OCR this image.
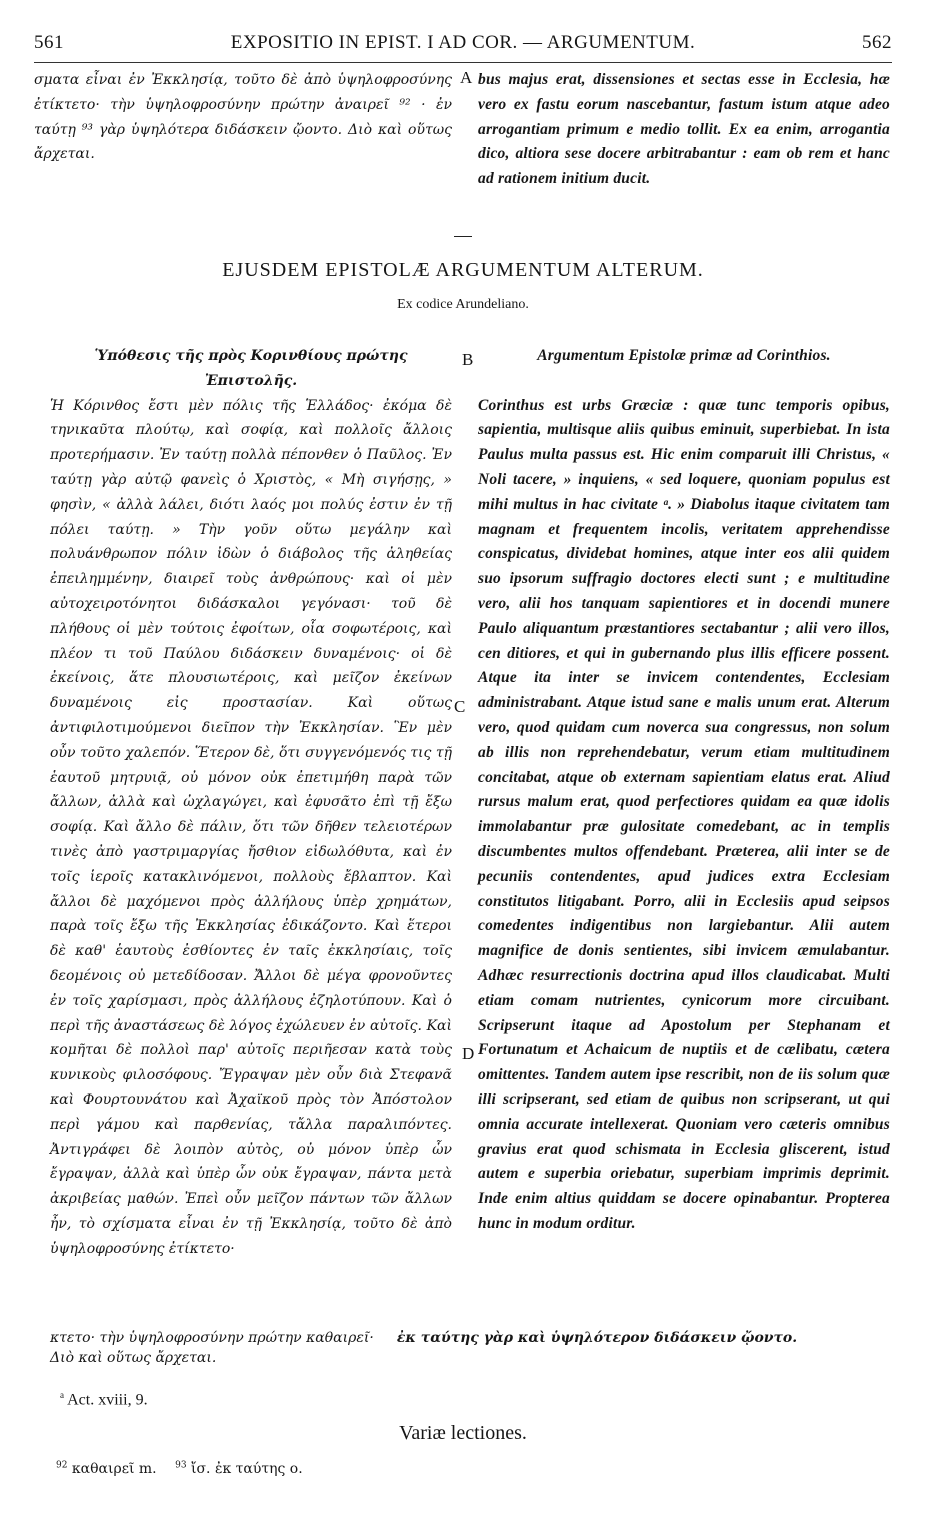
561	EXPOSITIO IN EPIST. I AD COR. — ARGUMENTUM.	562

σματα εἶναι ἐν Ἐκκλησίᾳ, τοῦτο δὲ ἀπὸ ὑψηλοφροσύνης ἐτίκτετο· τὴν ὑψηλοφροσύνην πρώτην ἀναιρεῖ ⁹² · ἐν ταύτῃ ⁹³ γὰρ ὑψηλότερα διδάσκειν ᾤοντο. Διὸ καὶ οὕτως ἄρχεται.

A bus majus erat, dissensiones et sectas esse in Ecclesia, hæ vero ex fastu eorum nascebantur, fastum istum atque adeo arrogantiam primum e medio tollit. Ex ea enim, arrogantia dico, altiora sese docere arbitrabantur : eam ob rem et hanc ad rationem initium ducit.

EJUSDEM EPISTOLÆ ARGUMENTUM ALTERUM.
Ex codice Arundeliano.
B
C
D

Ὑπόθεσις τῆς πρὸς Κορινθίους πρώτης Ἐπιστολῆς.

Ἡ Κόρινθος ἔστι μὲν πόλις τῆς Ἑλλάδος· ἐκόμα δὲ τηνικαῦτα πλούτῳ, καὶ σοφίᾳ, καὶ πολλοῖς ἄλλοις προτερήμασιν. Ἐν ταύτῃ πολλὰ πέπονθεν ὁ Παῦλος. Ἐν ταύτῃ γὰρ αὐτῷ φανεὶς ὁ Χριστὸς, « Μὴ σιγήσῃς, » φησὶν, « ἀλλὰ λάλει, διότι λαός μοι πολύς ἐστιν ἐν τῇ πόλει ταύτῃ. » Τὴν γοῦν οὕτω μεγάλην καὶ πολυάνθρωπον πόλιν ἰδὼν ὁ διάβολος τῆς ἀληθείας ἐπειλημμένην, διαιρεῖ τοὺς ἀνθρώπους· καὶ οἱ μὲν αὐτοχειροτόνητοι διδάσκαλοι γεγόνασι· τοῦ δὲ πλήθους οἱ μὲν τούτοις ἐφοίτων, οἷα σοφωτέροις, καὶ πλέον τι τοῦ Παύλου διδάσκειν δυναμένοις· οἱ δὲ ἐκείνοις, ἅτε πλουσιωτέροις, καὶ μεῖζον ἐκείνων δυναμένοις εἰς προστασίαν. Καὶ οὕτως ἀντιφιλοτιμούμενοι διεῖπον τὴν Ἐκκλησίαν. Ἓν μὲν οὖν τοῦτο χαλεπόν. Ἕτερον δὲ, ὅτι συγγενόμενός τις τῇ ἑαυτοῦ μητρυιᾷ, οὐ μόνον οὐκ ἐπετιμήθη παρὰ τῶν ἄλλων, ἀλλὰ καὶ ὠχλαγώγει, καὶ ἐφυσᾶτο ἐπὶ τῇ ἔξω σοφίᾳ. Καὶ ἄλλο δὲ πάλιν, ὅτι τῶν δῆθεν τελειοτέρων τινὲς ἀπὸ γαστριμαργίας ἤσθιον εἰδωλόθυτα, καὶ ἐν τοῖς ἱεροῖς κατακλινόμενοι, πολλοὺς ἔβλαπτον. Καὶ ἄλλοι δὲ μαχόμενοι πρὸς ἀλλήλους ὑπὲρ χρημάτων, παρὰ τοῖς ἔξω τῆς Ἐκκλησίας ἐδικάζοντο. Καὶ ἕτεροι δὲ καθ' ἑαυτοὺς ἐσθίοντες ἐν ταῖς ἐκκλησίαις, τοῖς δεομένοις οὐ μετεδίδοσαν. Ἄλλοι δὲ μέγα φρονοῦντες ἐν τοῖς χαρίσμασι, πρὸς ἀλλήλους ἐζηλοτύπουν. Καὶ ὁ περὶ τῆς ἀναστάσεως δὲ λόγος ἐχώλευεν ἐν αὐτοῖς. Καὶ κομῆται δὲ πολλοὶ παρ' αὐτοῖς περιῆεσαν κατὰ τοὺς κυνικοὺς φιλοσόφους. Ἔγραψαν μὲν οὖν διὰ Στεφανᾶ καὶ Φουρτουνάτου καὶ Ἀχαϊκοῦ πρὸς τὸν Ἀπόστολον περὶ γάμου καὶ παρθενίας, τἄλλα παραλιπόντες. Ἀντιγράφει δὲ λοιπὸν αὐτὸς, οὐ μόνον ὑπὲρ ὧν ἔγραψαν, ἀλλὰ καὶ ὑπὲρ ὧν οὐκ ἔγραψαν, πάντα μετὰ ἀκριβείας μαθών. Ἐπεὶ οὖν μεῖζον πάντων τῶν ἄλλων ἦν, τὸ σχίσματα εἶναι ἐν τῇ Ἐκκλησίᾳ, τοῦτο δὲ ἀπὸ ὑψηλοφροσύνης ἐτίκτετο·

Argumentum Epistolæ primæ ad Corinthios.

Corinthus est urbs Græciæ : quæ tunc temporis opibus, sapientia, multisque aliis quibus eminuit, superbiebat. In ista Paulus multa passus est. Hic enim comparuit illi Christus, « Noli tacere, » inquiens, « sed loquere, quoniam populus est mihi multus in hac civitate ᵃ. » Diabolus itaque civitatem tam magnam et frequentem incolis, veritatem apprehendisse conspicatus, dividebat homines, atque inter eos alii quidem suo ipsorum suffragio doctores electi sunt ; e multitudine vero, alii hos tanquam sapientiores et in docendi munere Paulo aliquantum præstantiores sectabantur ; alii vero illos, cen ditiores, et qui in gubernando plus illis efficere possent. Atque ita inter se invicem contendentes, Ecclesiam administrabant. Atque istud sane e malis unum erat. Alterum vero, quod quidam cum noverca sua congressus, non solum ab illis non reprehendebatur, verum etiam multitudinem concitabat, atque ob externam sapientiam elatus erat. Aliud rursus malum erat, quod perfectiores quidam ea quæ idolis immolabantur præ gulositate comedebant, ac in templis discumbentes multos offendebant. Præterea, alii inter se de pecuniis contendentes, apud judices extra Ecclesiam constitutos litigabant. Porro, alii in Ecclesiis apud seipsos comedentes indigentibus non largiebantur. Alii autem magnifice de donis sentientes, sibi invicem æmulabantur. Adhæc resurrectionis doctrina apud illos claudicabat. Multi etiam comam nutrientes, cynicorum more circuibant. Scripserunt itaque ad Apostolum per Stephanam et Fortunatum et Achaicum de nuptiis et de cælibatu, cætera omittentes. Tandem autem ipse rescribit, non de iis solum quæ illi scripserant, sed etiam de quibus non scripserant, ut qui omnia accurate intellexerat. Quoniam vero cæteris omnibus gravius erat quod schismata in Ecclesia gliscerent, istud autem e superbia oriebatur, superbiam imprimis deprimit. Inde enim altius quiddam se docere opinabantur. Propterea hunc in modum orditur.

κτετο· τὴν ὑψηλοφροσύνην πρώτην καθαιρεῖ· ἐκ ταύτης γὰρ καὶ ὑψηλότερον διδάσκειν ᾤοντο.
Διὸ καὶ οὕτως ἄρχεται.
$^a$ Act. xviii, 9.
Variæ lectiones.
$^{92}$ καθαιρεῖ m. $^{93}$ ἴσ. ἐκ ταύτης ο.
